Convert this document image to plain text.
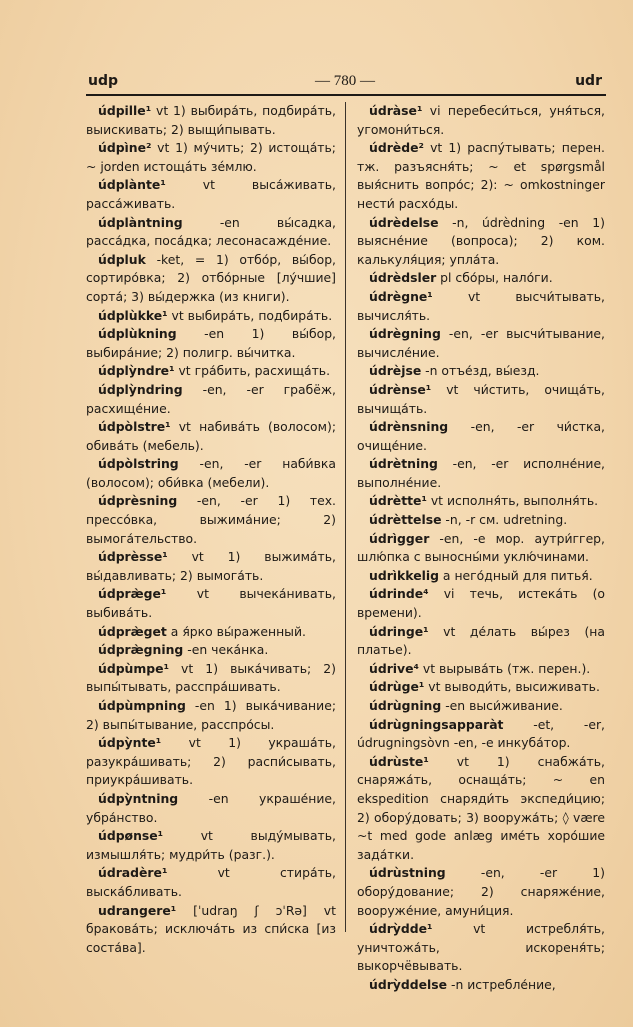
udp	— 780 —	udr

údpille¹ vt 1) выбира́ть, подбира́ть, выискивать; 2) выщи́пывать.

údpìne² vt 1) му́чить; 2) истоща́ть; ~ jorden истощáть зéмлю.

údplànte¹ vt выса́живать, расса́живать.

údplàntning -en вы́садка, расса́дка, поса́дка; лесонасажде́ние.

údpluk -ket, = 1) отбо́р, вы́бор, сортиро́вка; 2) отбо́рные [лу́чшие] сорта́; 3) вы́держка (из книги).

údplùkke¹ vt выбира́ть, подбира́ть.

údplùkning -en 1) вы́бор, выбира́ние; 2) полигр. вы́читка.

údplỳndre¹ vt гра́бить, расхища́ть.

údplỳndring -en, -er грабёж, расхище́ние.

údpòlstre¹ vt набива́ть (волосом); обива́ть (мебель).

údpòlstring -en, -er наби́вка (волосом); оби́вка (мебели).

údprèsning -en, -er 1) тех. прессо́вка, выжима́ние; 2) вымога́тельство.

údprèsse¹ vt 1) выжима́ть, вы́давливать; 2) вымога́ть.

údpræ̀ge¹ vt вычека́нивать, выбива́ть.

údpræ̀get a я́рко вы́раженный.

údpræ̀gning -en чека́нка.

údpùmpe¹ vt 1) выка́чивать; 2) выпы́тывать, расспра́шивать.

údpùmpning -en 1) выка́чивание; 2) выпы́тывание, расспро́сы.

údpỳnte¹ vt 1) украша́ть, разукра́шивать; 2) распи́сывать, приукра́шивать.

údpỳntning -en украше́ние, убра́нство.

údpønse¹ vt выду́мывать, измышля́ть; мудри́ть (разг.).

údradère¹ vt стира́ть, выска́бливать.

udrangere¹ [ˈudraŋ ʃ ɔˈRə] vt бракова́ть; исключа́ть из спи́ска [из соста́ва].

údràse¹ vi перебеси́ться, уня́ться, угомони́ться.

údrède² vt 1) распу́тывать; перен. тж. разъясня́ть; ~ et spørgsmål выя́снить вопро́с; 2): ~ omkostninger нести́ расхо́ды.

údrèdelse -n, údrèdning -en 1) выясне́ние (вопроса); 2) ком. калькуля́ция; упла́та.

údrèdsler pl сбо́ры, нало́ги.

údrègne¹ vt высчи́тывать, вычисля́ть.

údrègning -en, -er высчи́тывание, вычисле́ние.

údrèjse -n отъе́зд, вы́езд.

údrènse¹ vt чи́стить, очища́ть, вычища́ть.

údrènsning -en, -er чи́стка, очище́ние.

údrètning -en, -er исполне́ние, выполне́ние.

údrètte¹ vt исполня́ть, выполня́ть.

údrèttelse -n, -r см. udretning.

údrìgger -en, -e мор. аутри́ггер, шлю́пка с выносны́ми уклю́чинами.

udrìkkelig a него́дный для питья́.

údrinde⁴ vi течь, истека́ть (о времени).

údringe¹ vt де́лать вы́рез (на платье).

údrive⁴ vt вырыва́ть (тж. перен.).

údrùge¹ vt выводи́ть, высиживать.

údrùgning -en выси́живание.

údrùgningsapparàt -et, -er, údrugningsòvn -en, -e инкуба́тор.

údrùste¹ vt 1) снабжа́ть, снаряжа́ть, оснаща́ть; ~ en ekspedition снаряди́ть экспеди́цию; 2) обору́довать; 3) вооружа́ть; ◊ være ~t med gode anlæg име́ть хоро́шие зада́тки.

údrùstning -en, -er 1) обору́дование; 2) снаряже́ние, вооруже́ние, амуни́ция.

údrỳdde¹ vt истребля́ть, уничтожа́ть, искореня́ть; выкорчёвывать.

údrỳddelse -n истребле́ние,
